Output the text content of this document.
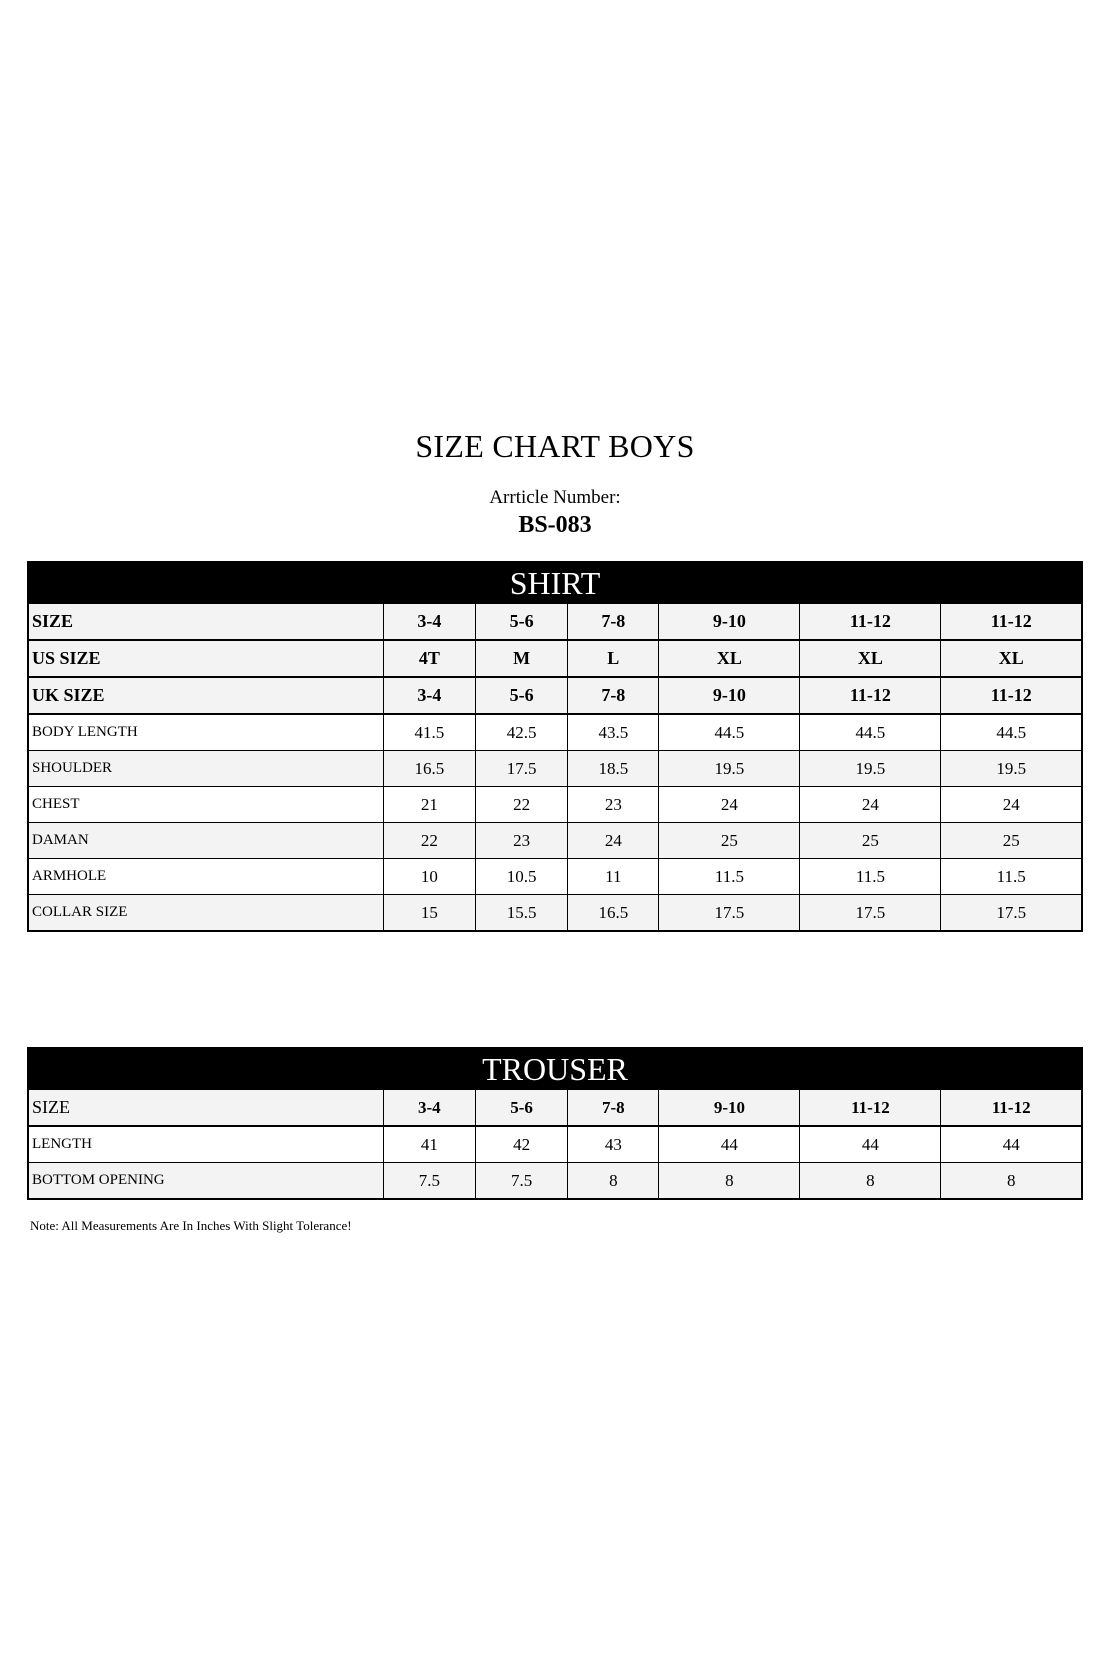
SIZE CHART BOYS
Arrticle Number:
BS-083
SHIRT
SIZE	3-4	5-6	7-8	9-10	11-12	11-12
US SIZE	4T	M	L	XL	XL	XL
UK SIZE	3-4	5-6	7-8	9-10	11-12	11-12
BODY LENGTH	41.5	42.5	43.5	44.5	44.5	44.5
SHOULDER	16.5	17.5	18.5	19.5	19.5	19.5
CHEST	21	22	23	24	24	24
DAMAN	22	23	24	25	25	25
ARMHOLE	10	10.5	11	11.5	11.5	11.5
COLLAR SIZE	15	15.5	16.5	17.5	17.5	17.5
TROUSER
SIZE	3-4	5-6	7-8	9-10	11-12	11-12
LENGTH	41	42	43	44	44	44
BOTTOM OPENING	7.5	7.5	8	8	8	8
Note: All Measurements Are In Inches With Slight Tolerance!
